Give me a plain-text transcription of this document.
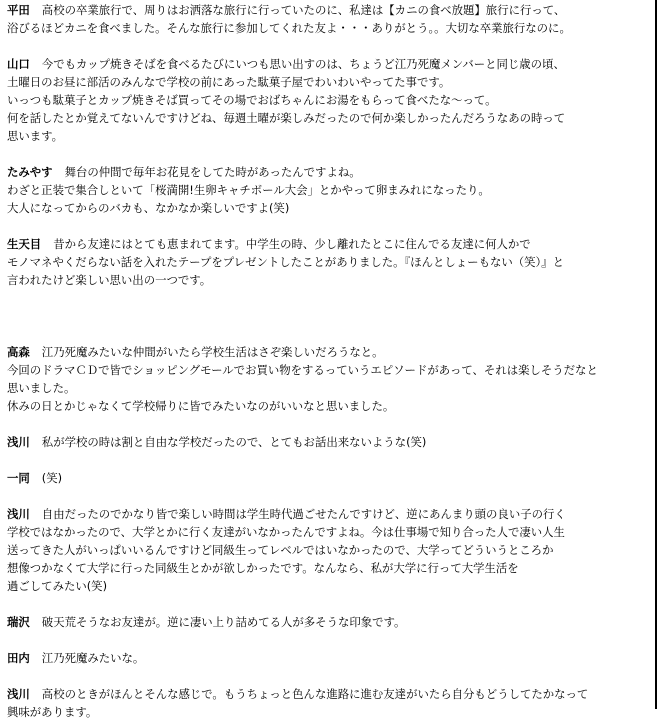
平田 高校の卒業旅行で、周りはお洒落な旅行に行っていたのに、私達は【カニの食べ放題】旅行に行って、
浴びるほどカニを食べました。そんな旅行に参加してくれた友よ・・・ありがとう。。大切な卒業旅行なのに。
山口 今でもカップ焼きそばを食べるたびにいつも思い出すのは、ちょうど江乃死魔メンバーと同じ歳の頃、
土曜日のお昼に部活のみんなで学校の前にあった駄菓子屋でわいわいやってた事です。
いっつも駄菓子とカップ焼きそば買ってその場でおばちゃんにお湯をもらって食べたな～って。
何を話したとか覚えてないんですけどね、毎週土曜が楽しみだったので何か楽しかったんだろうなあの時って
思います。
たみやす 舞台の仲間で毎年お花見をしてた時があったんですよね。
わざと正装で集合しといて「桜満開!生卵キャチボール大会」とかやって卵まみれになったり。
大人になってからのバカも、なかなか楽しいですよ(笑)
生天目 昔から友達にはとても恵まれてます。中学生の時、少し離れたとこに住んでる友達に何人かで
モノマネやくだらない話を入れたテープをプレゼントしたことがありました。『ほんとしょーもない（笑）』と
言われたけど楽しい思い出の一つです。
高森 江乃死魔みたいな仲間がいたら学校生活はさぞ楽しいだろうなと。
今回のドラマＣＤで皆でショッピングモールでお買い物をするっていうエピソードがあって、それは楽しそうだなと
思いました。
休みの日とかじゃなくて学校帰りに皆でみたいなのがいいなと思いました。
浅川 私が学校の時は割と自由な学校だったので、とてもお話出来ないような(笑)
一同 (笑)
浅川 自由だったのでかなり皆で楽しい時間は学生時代過ごせたんですけど、逆にあんまり頭の良い子の行く
学校ではなかったので、大学とかに行く友達がいなかったんですよね。今は仕事場で知り合った人で凄い人生
送ってきた人がいっぱいいるんですけど同級生ってレベルではいなかったので、大学ってどういうところか
想像つかなくて大学に行った同級生とかが欲しかったです。なんなら、私が大学に行って大学生活を
過ごしてみたい(笑)
瑞沢 破天荒そうなお友達が。逆に凄い上り詰めてる人が多そうな印象です。
田内 江乃死魔みたいな。
浅川 高校のときがほんとそんな感じで。もうちょっと色んな進路に進む友達がいたら自分もどうしてたかなって
興味があります。
